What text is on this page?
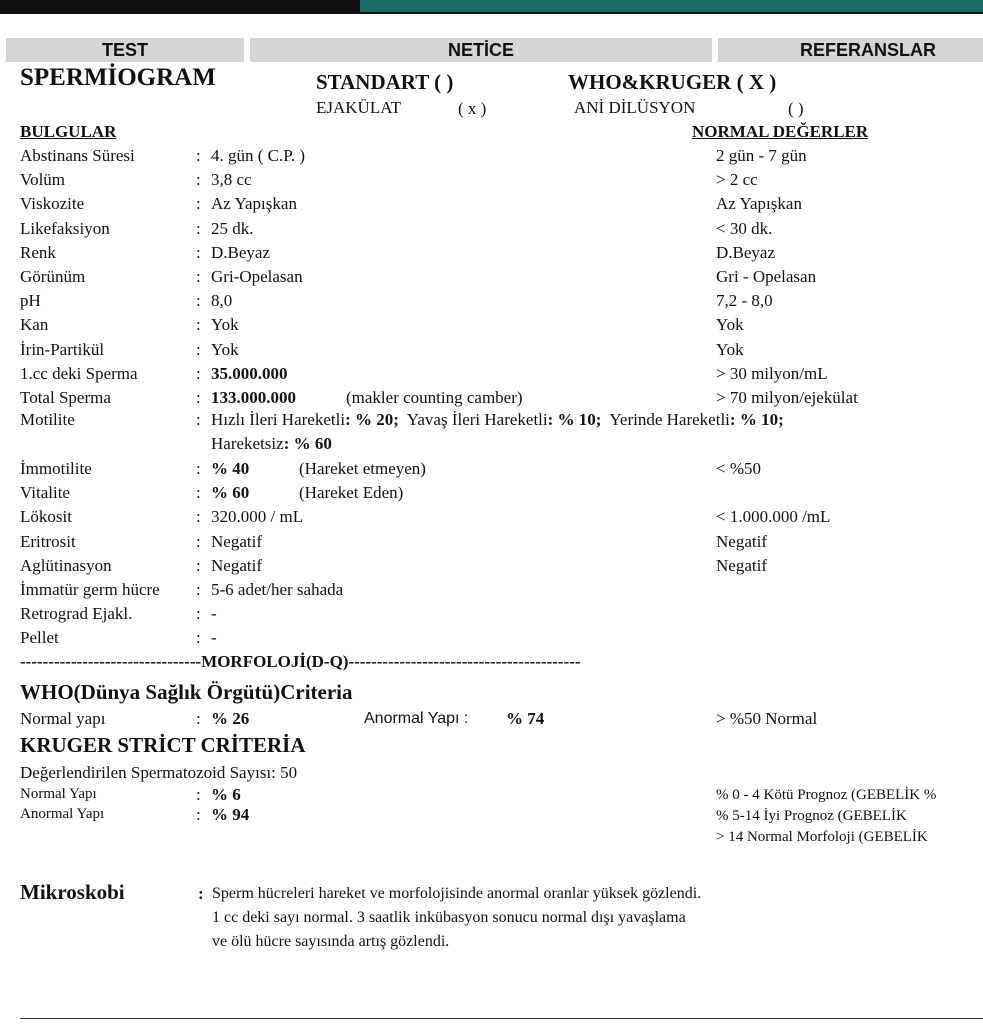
TEST	NETİCE	REFERANSLAR
SPERMİOGRAM	STANDART ( )	WHO&KRUGER ( X )
EJAKÜLAT	( x )	ANİ DİLÜSYON	( )
BULGULAR	NORMAL DEĞERLER
Abstinans Süresi	: 4. gün ( C.P. )	2 gün - 7 gün
Volüm	: 3,8 cc	> 2 cc
Viskozite	: Az Yapışkan	Az Yapışkan
Likefaksiyon	: 25 dk.	< 30 dk.
Renk	: D.Beyaz	D.Beyaz
Görünüm	: Gri-Opelasan	Gri - Opelasan
pH	: 8,0	7,2 - 8,0
Kan	: Yok	Yok
İrin-Partikül	: Yok	Yok
1.cc deki Sperma	: 35.000.000	> 30 milyon/mL
Total Sperma	: 133.000.000	(makler counting camber)	> 70 milyon/ejekülat
Motilite	: Hızlı İleri Hareketli: % 20; Yavaş İleri Hareketli: % 10; Yerinde Hareketli: % 10;
Hareketsiz: % 60
İmmotilite	: % 40	(Hareket etmeyen)	< %50
Vitalite	: % 60	(Hareket Eden)
Lökosit	: 320.000 / mL	< 1.000.000 /mL
Eritrosit	: Negatif	Negatif
Aglütinasyon	: Negatif	Negatif
İmmatür germ hücre : 5-6 adet/her sahada
Retrograd Ejakl.	: -
Pellet	: -
--------------------------------MORFOLOJİ(D-Q)-----------------------------------------
WHO(Dünya Sağlık Örgütü)Criteria
Normal yapı	: % 26	Anormal Yapı : % 74	> %50 Normal
KRUGER STRİCT CRİTERİA
Değerlendirilen Spermatozoid Sayısı: 50
Normal Yapı	: % 6
Anormal Yapı	: % 94
% 0 - 4 Kötü Prognoz (GEBELİK %
% 5-14 İyi Prognoz (GEBELİK
> 14 Normal Morfoloji (GEBELİK
Mikroskobi	: Sperm hücreleri hareket ve morfolojisinde anormal oranlar yüksek gözlendi.
1 cc deki sayı normal. 3 saatlik inkübasyon sonucu normal dışı yavaşlama
ve ölü hücre sayısında artış gözlendi.
